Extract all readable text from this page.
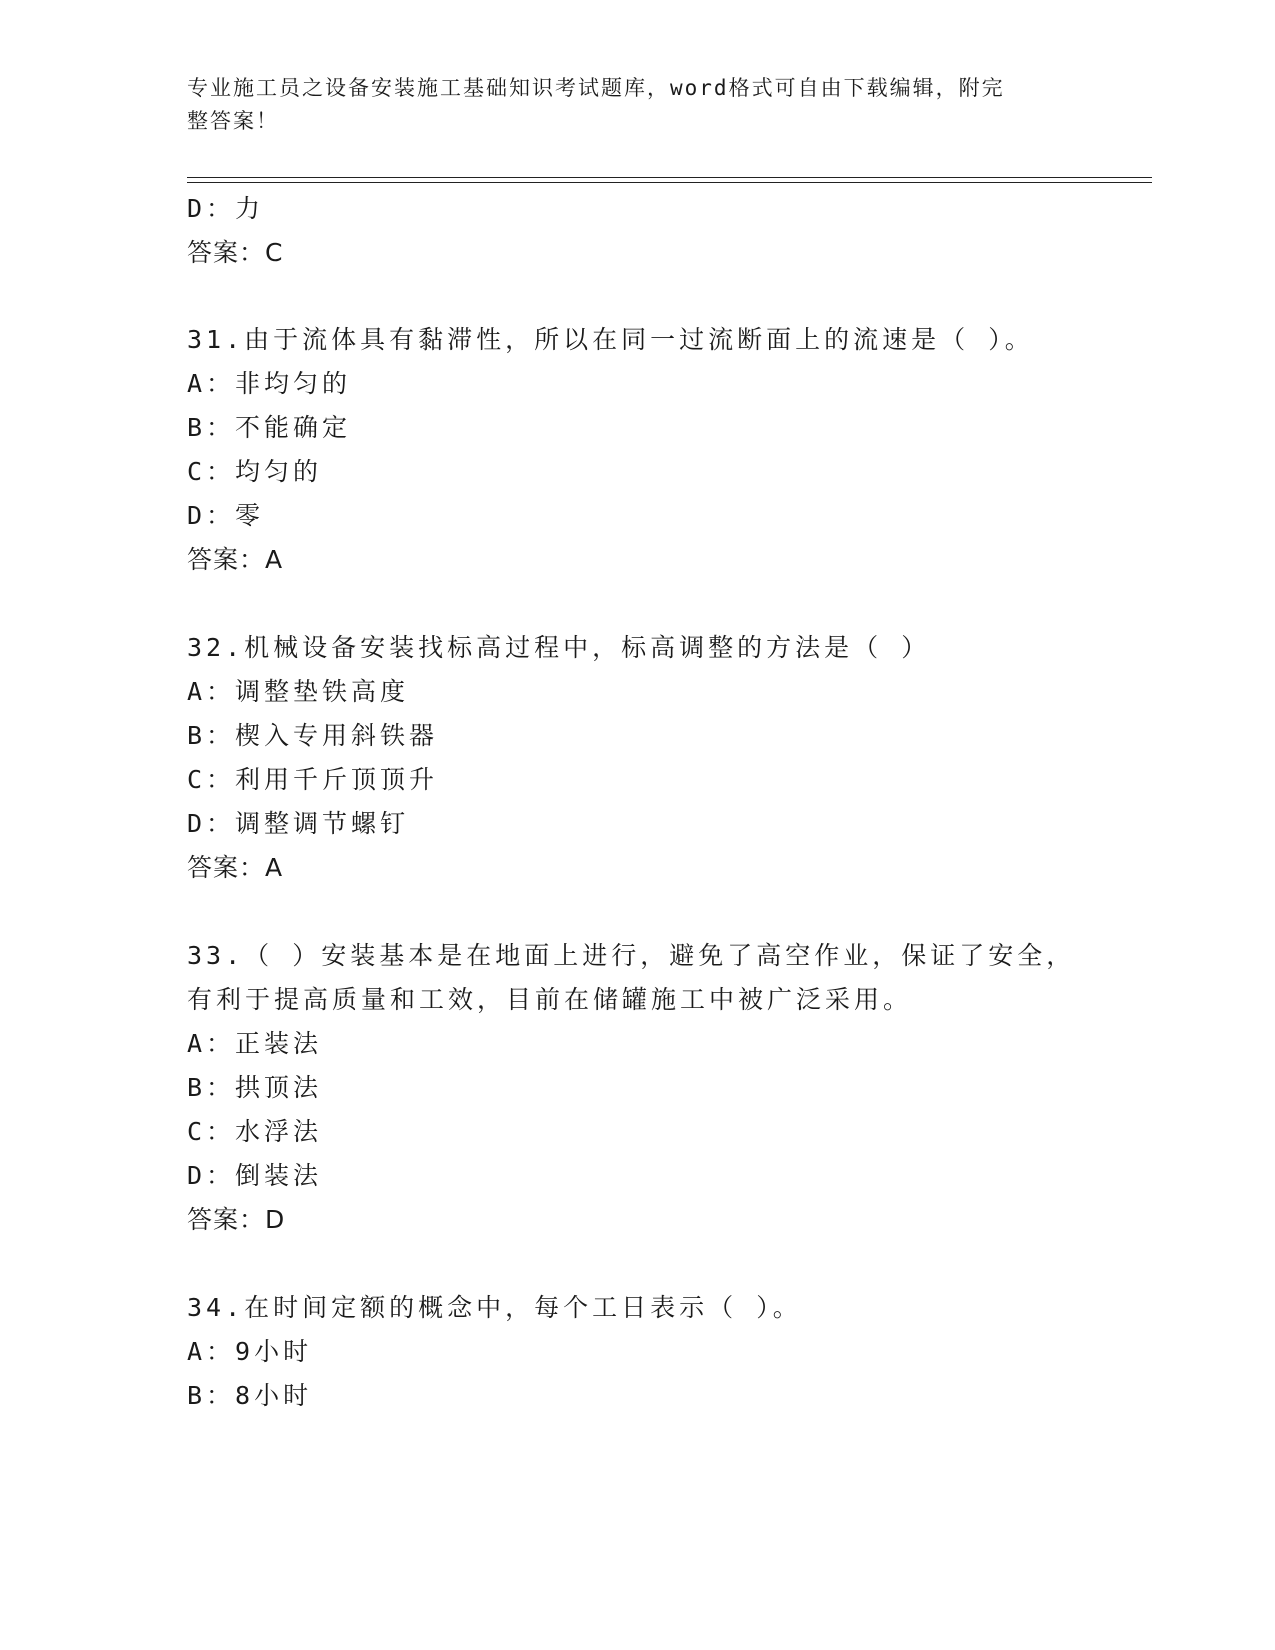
专业施工员之设备安装施工基础知识考试题库，word格式可自由下载编辑，附完
整答案！
D：力
答案：C
31.由于流体具有黏滞性，所以在同一过流断面上的流速是（ ）。
A：非均匀的
B：不能确定
C：均匀的
D：零
答案：A
32.机械设备安装找标高过程中，标高调整的方法是（ ）
A：调整垫铁高度
B：楔入专用斜铁器
C：利用千斤顶顶升
D：调整调节螺钉
答案：A
33.（ ）安装基本是在地面上进行，避免了高空作业，保证了安全，
有利于提高质量和工效，目前在储罐施工中被广泛采用。
A：正装法
B：拱顶法
C：水浮法
D：倒装法
答案：D
34.在时间定额的概念中，每个工日表示（ ）。
A：9小时
B：8小时
